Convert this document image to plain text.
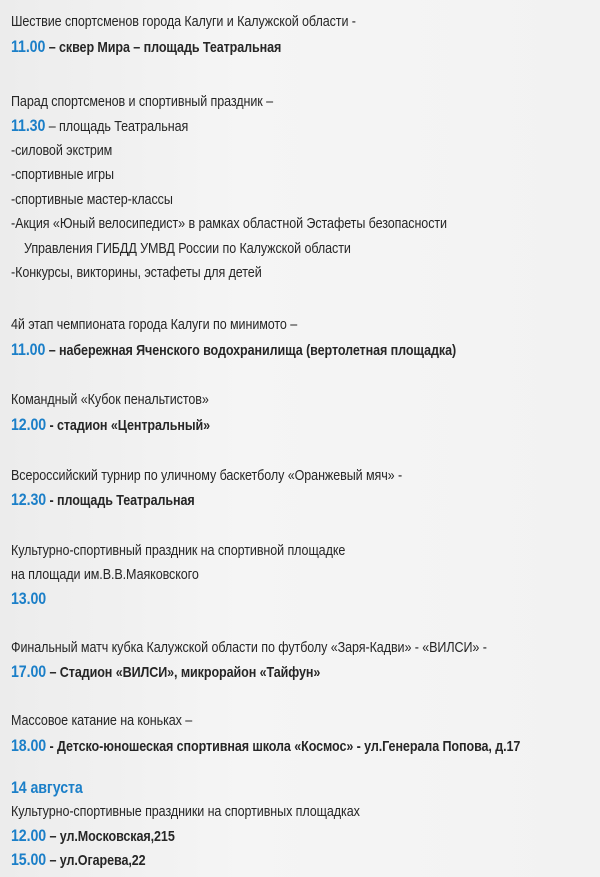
Шествие спортсменов города Калуги и Калужской области -
11.00 – сквер Мира – площадь Театральная
Парад спортсменов и спортивный праздник –
11.30 – площадь Театральная
-силовой экстрим
-спортивные игры
-спортивные мастер-классы
-Акция «Юный велосипедист» в рамках областной Эстафеты безопасности
Управления ГИБДД УМВД России по Калужской области
-Конкурсы, викторины, эстафеты для детей
4й этап чемпионата города Калуги по минимото –
11.00 – набережная Яченского водохранилища (вертолетная площадка)
Командный «Кубок пенальтистов»
12.00 - стадион «Центральный»
Всероссийский турнир по уличному баскетболу «Оранжевый мяч» -
12.30 - площадь Театральная
Культурно-спортивный праздник на спортивной площадке
на площади им.В.В.Маяковского
13.00
Финальный матч кубка Калужской области по футболу «Заря-Кадви» - «ВИЛСИ» -
17.00 – Стадион «ВИЛСИ», микрорайон «Тайфун»
Массовое катание на коньках –
18.00 - Детско-юношеская спортивная школа «Космос» - ул.Генерала Попова, д.17
14 августа
Культурно-спортивные праздники на спортивных площадках
12.00 – ул.Московская,215
15.00 – ул.Огарева,22
